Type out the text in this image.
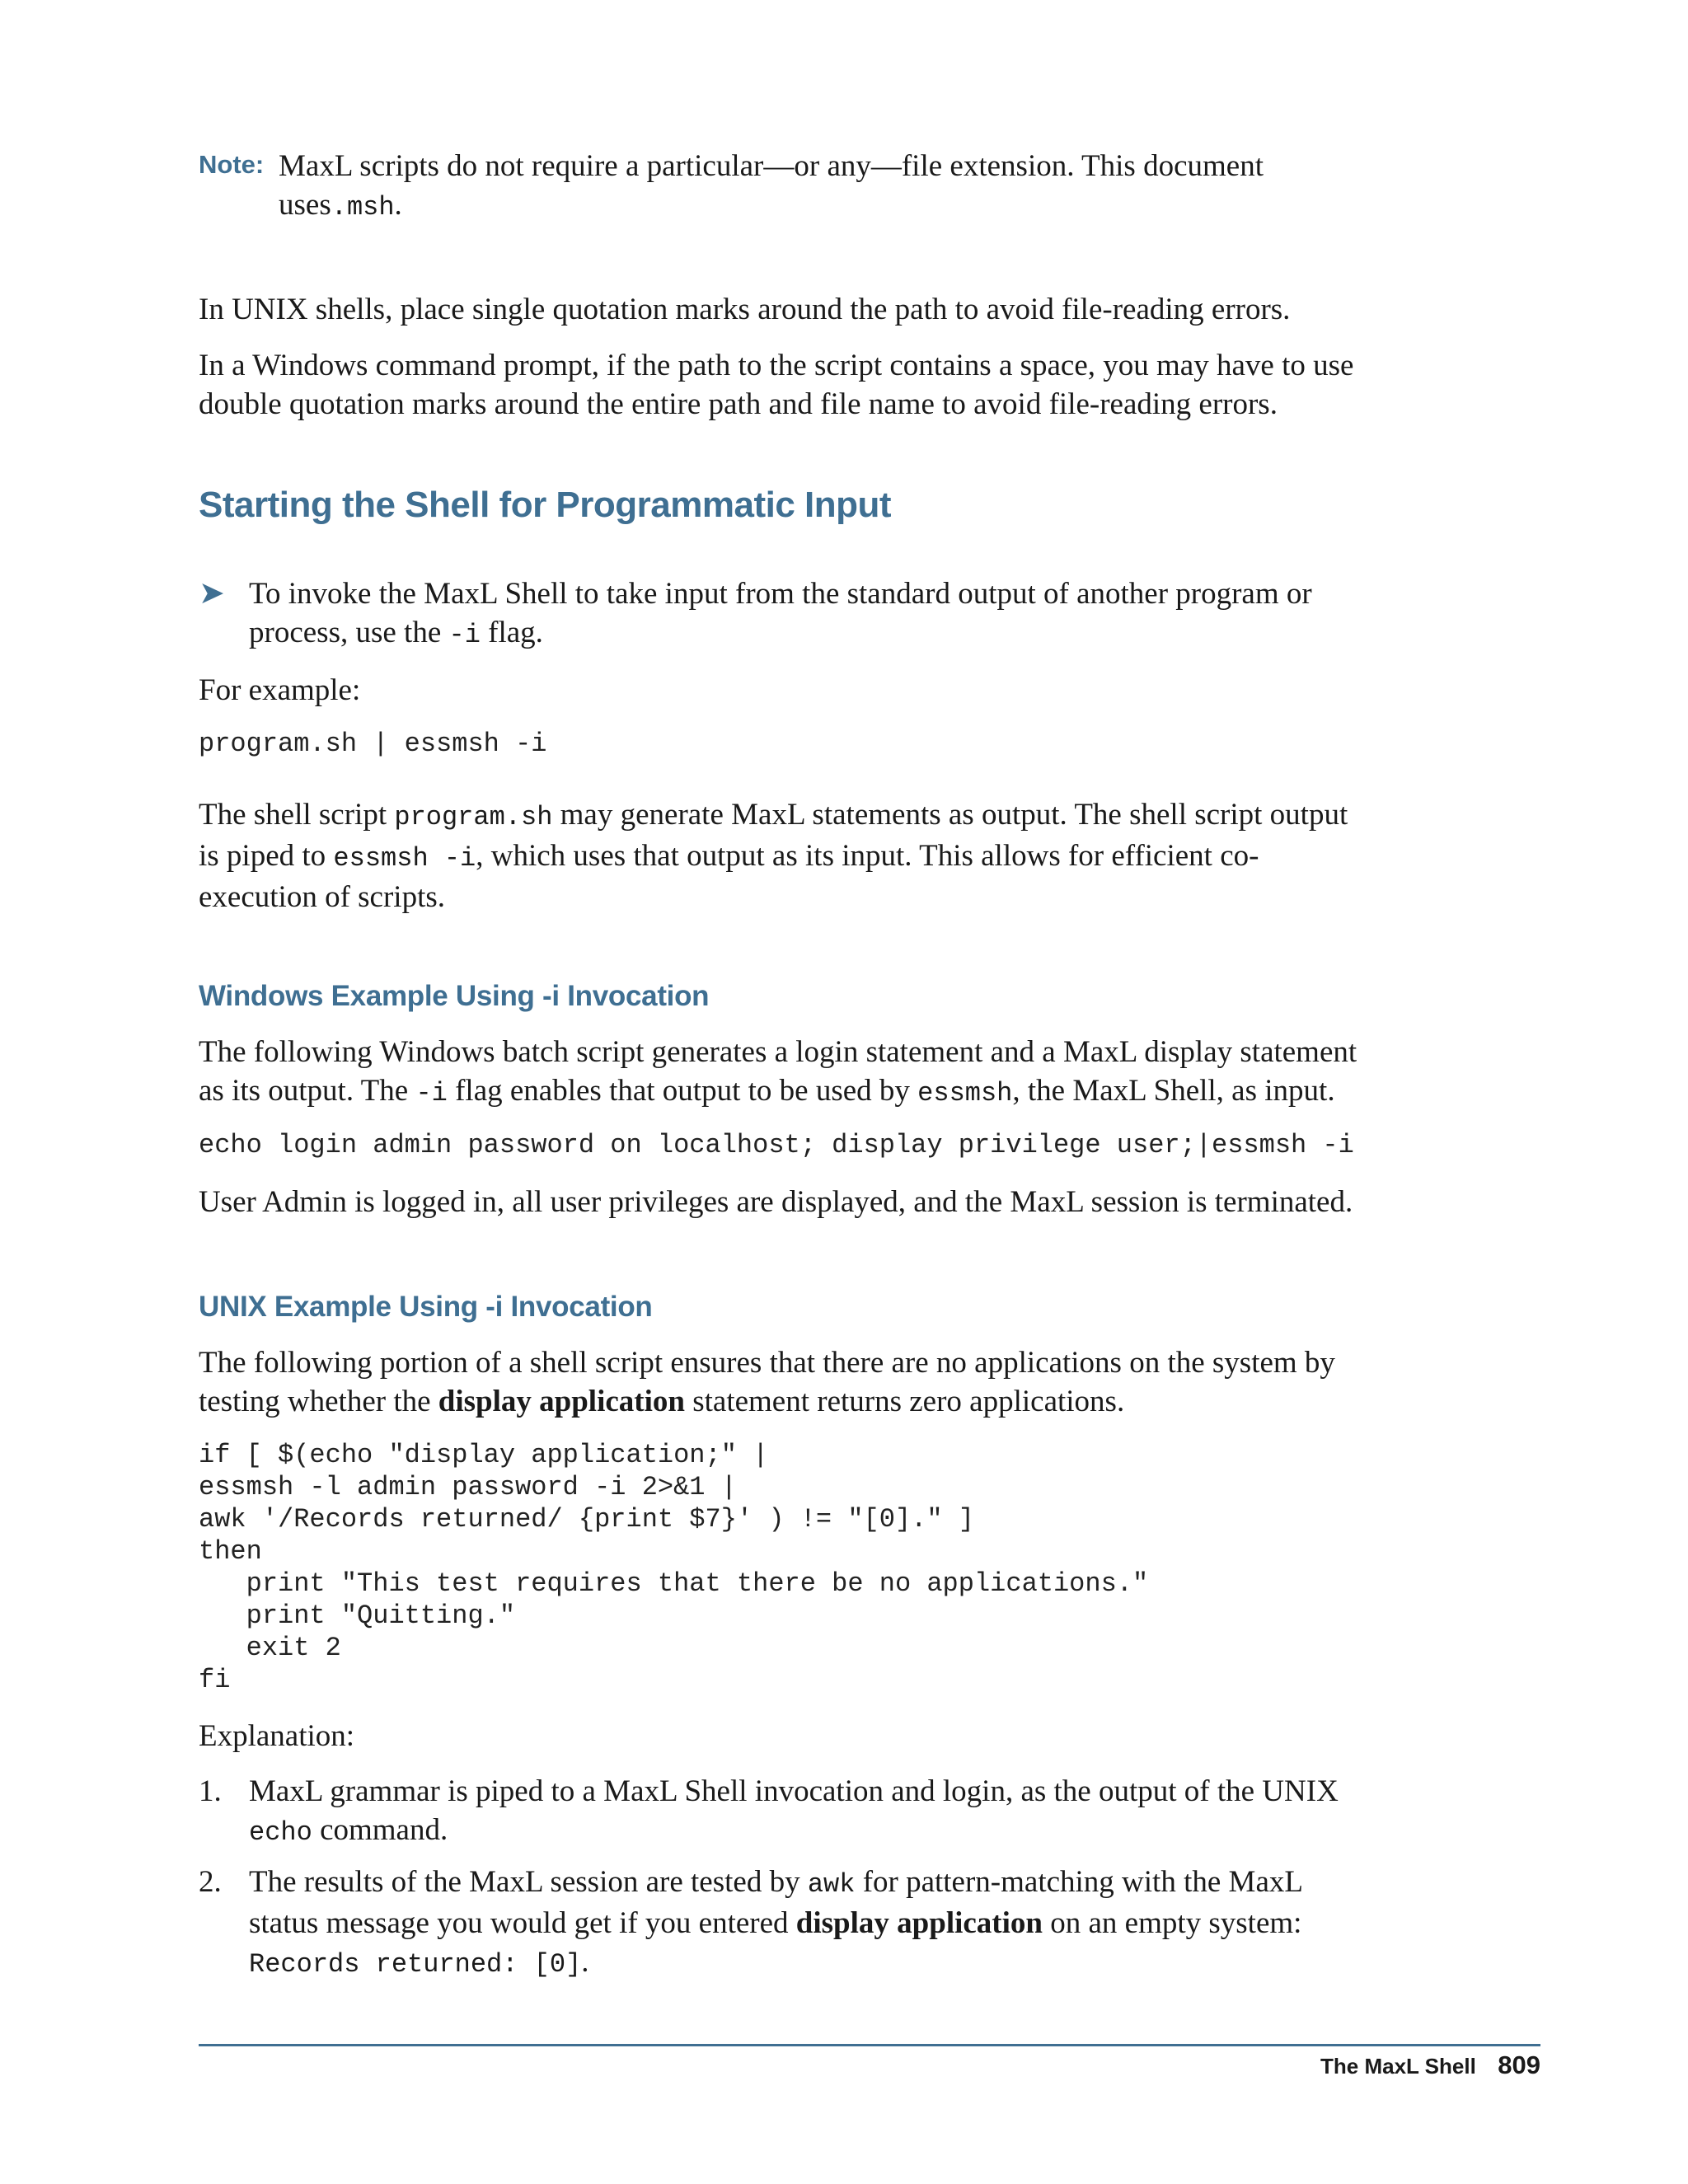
Note: MaxL scripts do not require a particular—or any—file extension. This document uses.msh.

In UNIX shells, place single quotation marks around the path to avoid file-reading errors.

In a Windows command prompt, if the path to the script contains a space, you may have to use double quotation marks around the entire path and file name to avoid file-reading errors.

Starting the Shell for Programmatic Input
➤ To invoke the MaxL Shell to take input from the standard output of another program or process, use the -i flag.

For example:

program.sh | essmsh -i

The shell script program.sh may generate MaxL statements as output. The shell script output is piped to essmsh -i, which uses that output as its input. This allows for efficient co-execution of scripts.

Windows Example Using -i Invocation

The following Windows batch script generates a login statement and a MaxL display statement as its output. The -i flag enables that output to be used by essmsh, the MaxL Shell, as input.

echo login admin password on localhost; display privilege user;|essmsh -i

User Admin is logged in, all user privileges are displayed, and the MaxL session is terminated.

UNIX Example Using -i Invocation

The following portion of a shell script ensures that there are no applications on the system by testing whether the display application statement returns zero applications.

if [ $(echo "display application;" |
essmsh -l admin password -i 2>&1 |
awk '/Records returned/ {print $7}' ) != "[0]." ]
then
print "This test requires that there be no applications."
print "Quitting."
exit 2
fi

Explanation:

1. MaxL grammar is piped to a MaxL Shell invocation and login, as the output of the UNIX echo command.

2. The results of the MaxL session are tested by awk for pattern-matching with the MaxL status message you would get if you entered display application on an empty system: Records returned: [0].

The MaxL Shell 809
